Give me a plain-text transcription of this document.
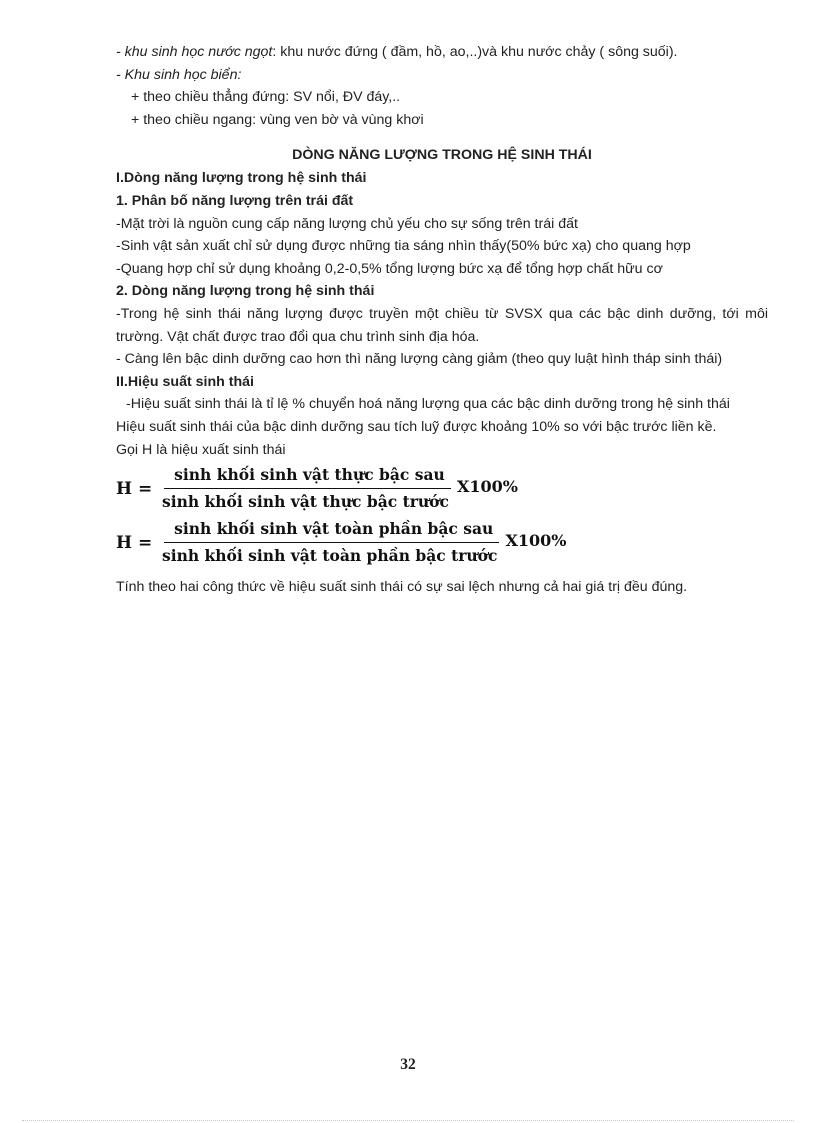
- khu sinh học nước ngọt: khu nước đứng ( đầm, hồ, ao,..)và khu nước chảy ( sông suối).
- Khu sinh học biển:
+ theo chiều thẳng đứng: SV nổi, ĐV đáy,..
+ theo chiều ngang: vùng ven bờ và vùng khơi
DÒNG NĂNG LƯỢNG TRONG HỆ SINH THÁI
I.Dòng năng lượng trong hệ sinh thái
1. Phân bố năng lượng trên trái đất
-Mặt trời là nguồn cung cấp năng lượng chủ yếu cho sự sống trên trái đất
-Sinh vật sản xuất chỉ sử dụng được những tia sáng nhìn thấy(50% bức xạ) cho quang hợp
-Quang hợp chỉ sử dụng khoảng 0,2-0,5% tổng lượng bức xạ để tổng hợp chất hữu cơ
2. Dòng năng lượng trong hệ sinh thái
-Trong hệ sinh thái năng lượng được truyền một chiều từ SVSX qua các bậc dinh dưỡng, tới môi trường. Vật chất được trao đổi qua chu trình sinh địa hóa.
- Càng lên bậc dinh dưỡng cao hơn thì năng lượng càng giảm (theo quy luật hình tháp sinh thái)
II.Hiệu suất sinh thái
-Hiệu suất sinh thái là tỉ lệ % chuyển hoá năng lượng qua các bậc dinh dưỡng trong hệ sinh thái
Hiệu suất sinh thái của bậc dinh dưỡng sau tích luỹ được khoảng 10% so với bậc trước liền kề.
Gọi H là hiệu xuất sinh thái
$H = \frac{\text{sinh khối sinh vật thực bậc sau}}{\text{sinh khối sinh vật thực bậc trước}} X100\%$
$H = \frac{\text{sinh khối sinh vật toàn phần bậc sau}}{\text{sinh khối sinh vật toàn phần bậc trước}} X100\%$
Tính theo hai công thức về hiệu suất sinh thái có sự sai lệch nhưng cả hai giá trị đều đúng.
32
